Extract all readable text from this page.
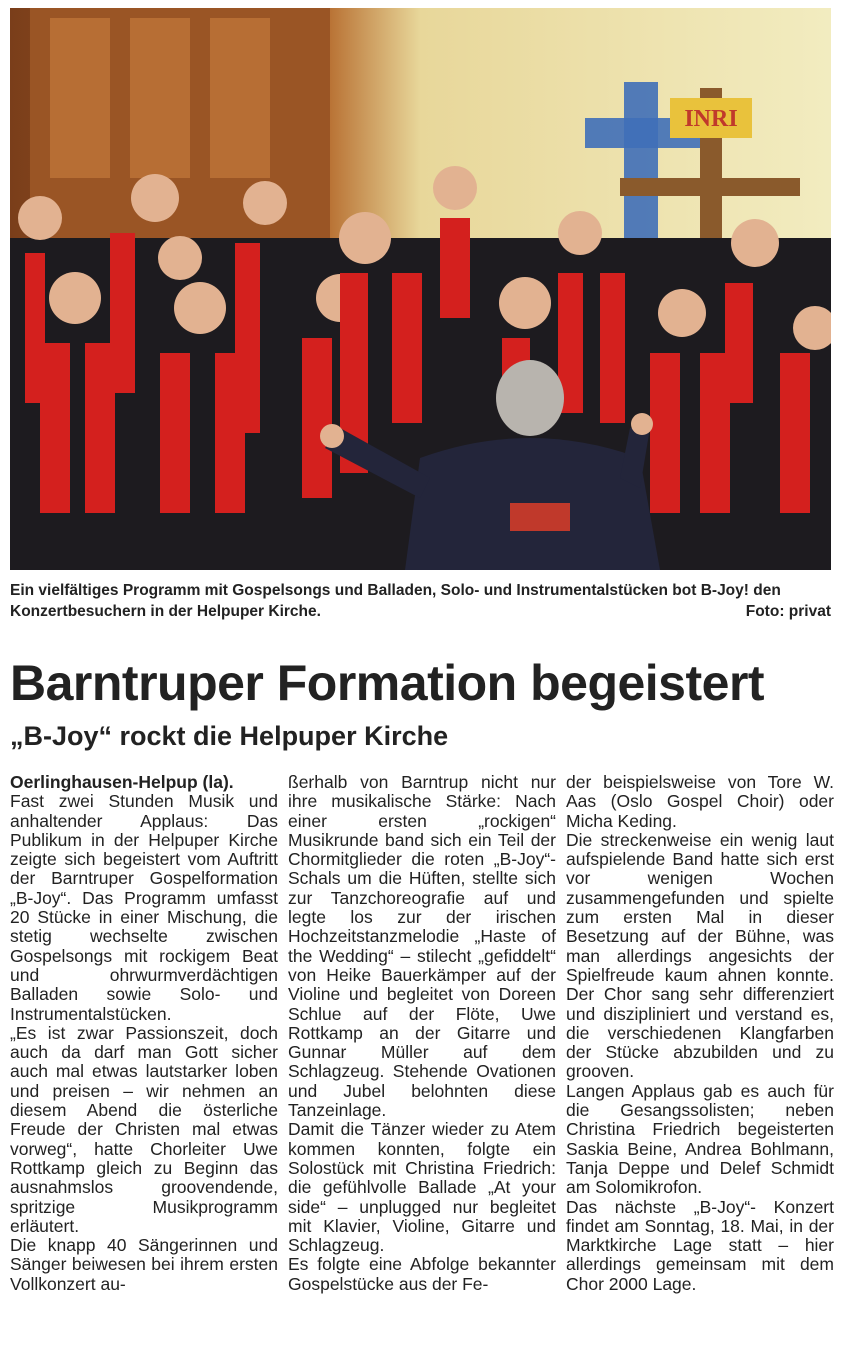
INRI
Ein vielfältiges Programm mit Gospelsongs und Balladen, Solo- und Instrumentalstücken bot B-Joy! den Konzertbesuchern in der Helpuper Kirche.	Foto: privat
Barntruper Formation begeistert
„B-Joy“ rockt die Helpuper Kirche

Oerlinghausen-Helpup (la).
Fast zwei Stunden Musik und anhaltender Applaus: Das Publikum in der Helpuper Kirche zeigte sich begeistert vom Auftritt der Barntruper Gospelformation „B-Joy“. Das Programm umfasst 20 Stücke in einer Mischung, die stetig wechselte zwischen Gospelsongs mit rockigem Beat und ohrwurmverdächtigen Balladen sowie Solo- und Instrumentalstücken.

„Es ist zwar Passionszeit, doch auch da darf man Gott sicher auch mal etwas lautstarker loben und preisen – wir nehmen an diesem Abend die österliche Freude der Christen mal etwas vorweg“, hatte Chorleiter Uwe Rottkamp gleich zu Beginn das ausnahmslos groovendende, spritzige Musikprogramm erläutert.

Die knapp 40 Sängerinnen und Sänger beiwesen bei ihrem ersten Vollkonzert au-

ßerhalb von Barntrup nicht nur ihre musikalische Stärke: Nach einer ersten „rockigen“ Musikrunde band sich ein Teil der Chormitglieder die roten „B-Joy“-Schals um die Hüften, stellte sich zur Tanzchoreografie auf und legte los zur der irischen Hochzeitstanzmelodie „Haste of the Wedding“ – stilecht „gefiddelt“ von Heike Bauerkämper auf der Violine und begleitet von Doreen Schlue auf der Flöte, Uwe Rottkamp an der Gitarre und Gunnar Müller auf dem Schlagzeug. Stehende Ovationen und Jubel belohnten diese Tanzeinlage.

Damit die Tänzer wieder zu Atem kommen konnten, folgte ein Solostück mit Christina Friedrich: die gefühlvolle Ballade „At your side“ – unplugged nur begleitet mit Klavier, Violine, Gitarre und Schlagzeug.

Es folgte eine Abfolge bekannter Gospelstücke aus der Fe-

der beispielsweise von Tore W. Aas (Oslo Gospel Choir) oder Micha Keding.

Die streckenweise ein wenig laut aufspielende Band hatte sich erst vor wenigen Wochen zusammengefunden und spielte zum ersten Mal in dieser Besetzung auf der Bühne, was man allerdings angesichts der Spielfreude kaum ahnen konnte. Der Chor sang sehr differenziert und diszipliniert und verstand es, die verschiedenen Klangfarben der Stücke abzubilden und zu grooven.

Langen Applaus gab es auch für die Gesangssolisten; neben Christina Friedrich begeisterten Saskia Beine, Andrea Bohlmann, Tanja Deppe und Delef Schmidt am Solomikrofon.

Das nächste „B-Joy“- Konzert findet am Sonntag, 18. Mai, in der Marktkirche Lage statt – hier allerdings gemeinsam mit dem Chor 2000 Lage.
